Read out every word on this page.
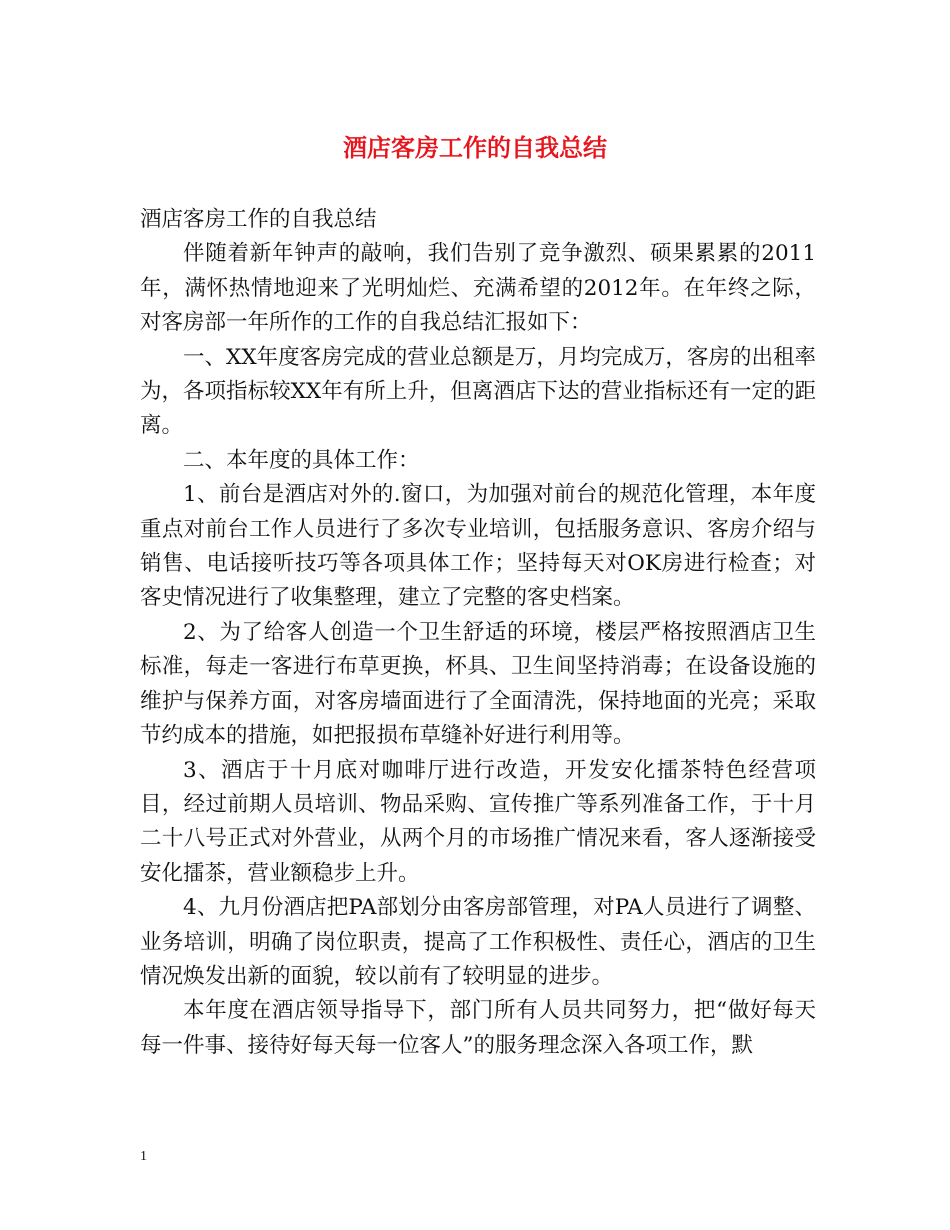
酒店客房工作的自我总结

酒店客房工作的自我总结

伴随着新年钟声的敲响，我们告别了竞争激烈、硕果累累的2011年，满怀热情地迎来了光明灿烂、充满希望的2012年。在年终之际，对客房部一年所作的工作的自我总结汇报如下：

一、XX年度客房完成的营业总额是万，月均完成万，客房的出租率为，各项指标较XX年有所上升，但离酒店下达的营业指标还有一定的距离。

二、本年度的具体工作：

1、前台是酒店对外的.窗口，为加强对前台的规范化管理，本年度重点对前台工作人员进行了多次专业培训，包括服务意识、客房介绍与销售、电话接听技巧等各项具体工作；坚持每天对OK房进行检查；对客史情况进行了收集整理，建立了完整的客史档案。

2、为了给客人创造一个卫生舒适的环境，楼层严格按照酒店卫生标准，每走一客进行布草更换，杯具、卫生间坚持消毒；在设备设施的维护与保养方面，对客房墙面进行了全面清洗，保持地面的光亮；采取节约成本的措施，如把报损布草缝补好进行利用等。

3、酒店于十月底对咖啡厅进行改造，开发安化擂茶特色经营项目，经过前期人员培训、物品采购、宣传推广等系列准备工作，于十月二十八号正式对外营业，从两个月的市场推广情况来看，客人逐渐接受安化擂茶，营业额稳步上升。

4、九月份酒店把PA部划分由客房部管理，对PA人员进行了调整、业务培训，明确了岗位职责，提高了工作积极性、责任心，酒店的卫生情况焕发出新的面貌，较以前有了较明显的进步。

本年度在酒店领导指导下，部门所有人员共同努力，把“做好每天每一件事、接待好每天每一位客人”的服务理念深入各项工作，默

1
